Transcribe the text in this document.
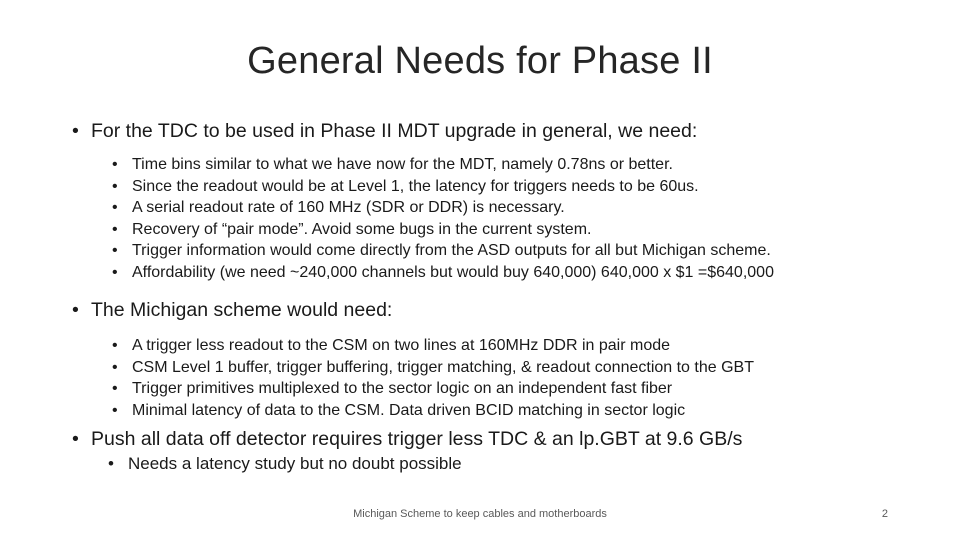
General Needs for Phase II
• For the TDC to be used in Phase II MDT upgrade in general, we need:
• Time bins similar to what we have now for the MDT, namely 0.78ns or better.
• Since the readout would be at Level 1, the latency for triggers needs to be 60us.
• A serial readout rate of 160 MHz (SDR or DDR) is necessary.
• Recovery of “pair mode”. Avoid some bugs in the current system.
• Trigger information would come directly from the ASD outputs for all but Michigan scheme.
• Affordability (we need ~240,000 channels but would buy 640,000) 640,000 x $1 =$640,000
• The Michigan scheme would need:
• A trigger less readout to the CSM on two lines at 160MHz DDR in pair mode
• CSM Level 1 buffer, trigger buffering, trigger matching, & readout connection to the GBT
• Trigger primitives multiplexed to the sector logic on an independent fast fiber
• Minimal latency of data to the CSM. Data driven BCID matching in sector logic
• Push all data off detector requires trigger less TDC & an lp.GBT at 9.6 GB/s
• Needs a latency study but no doubt possible
Michigan Scheme to keep cables and motherboards	2
